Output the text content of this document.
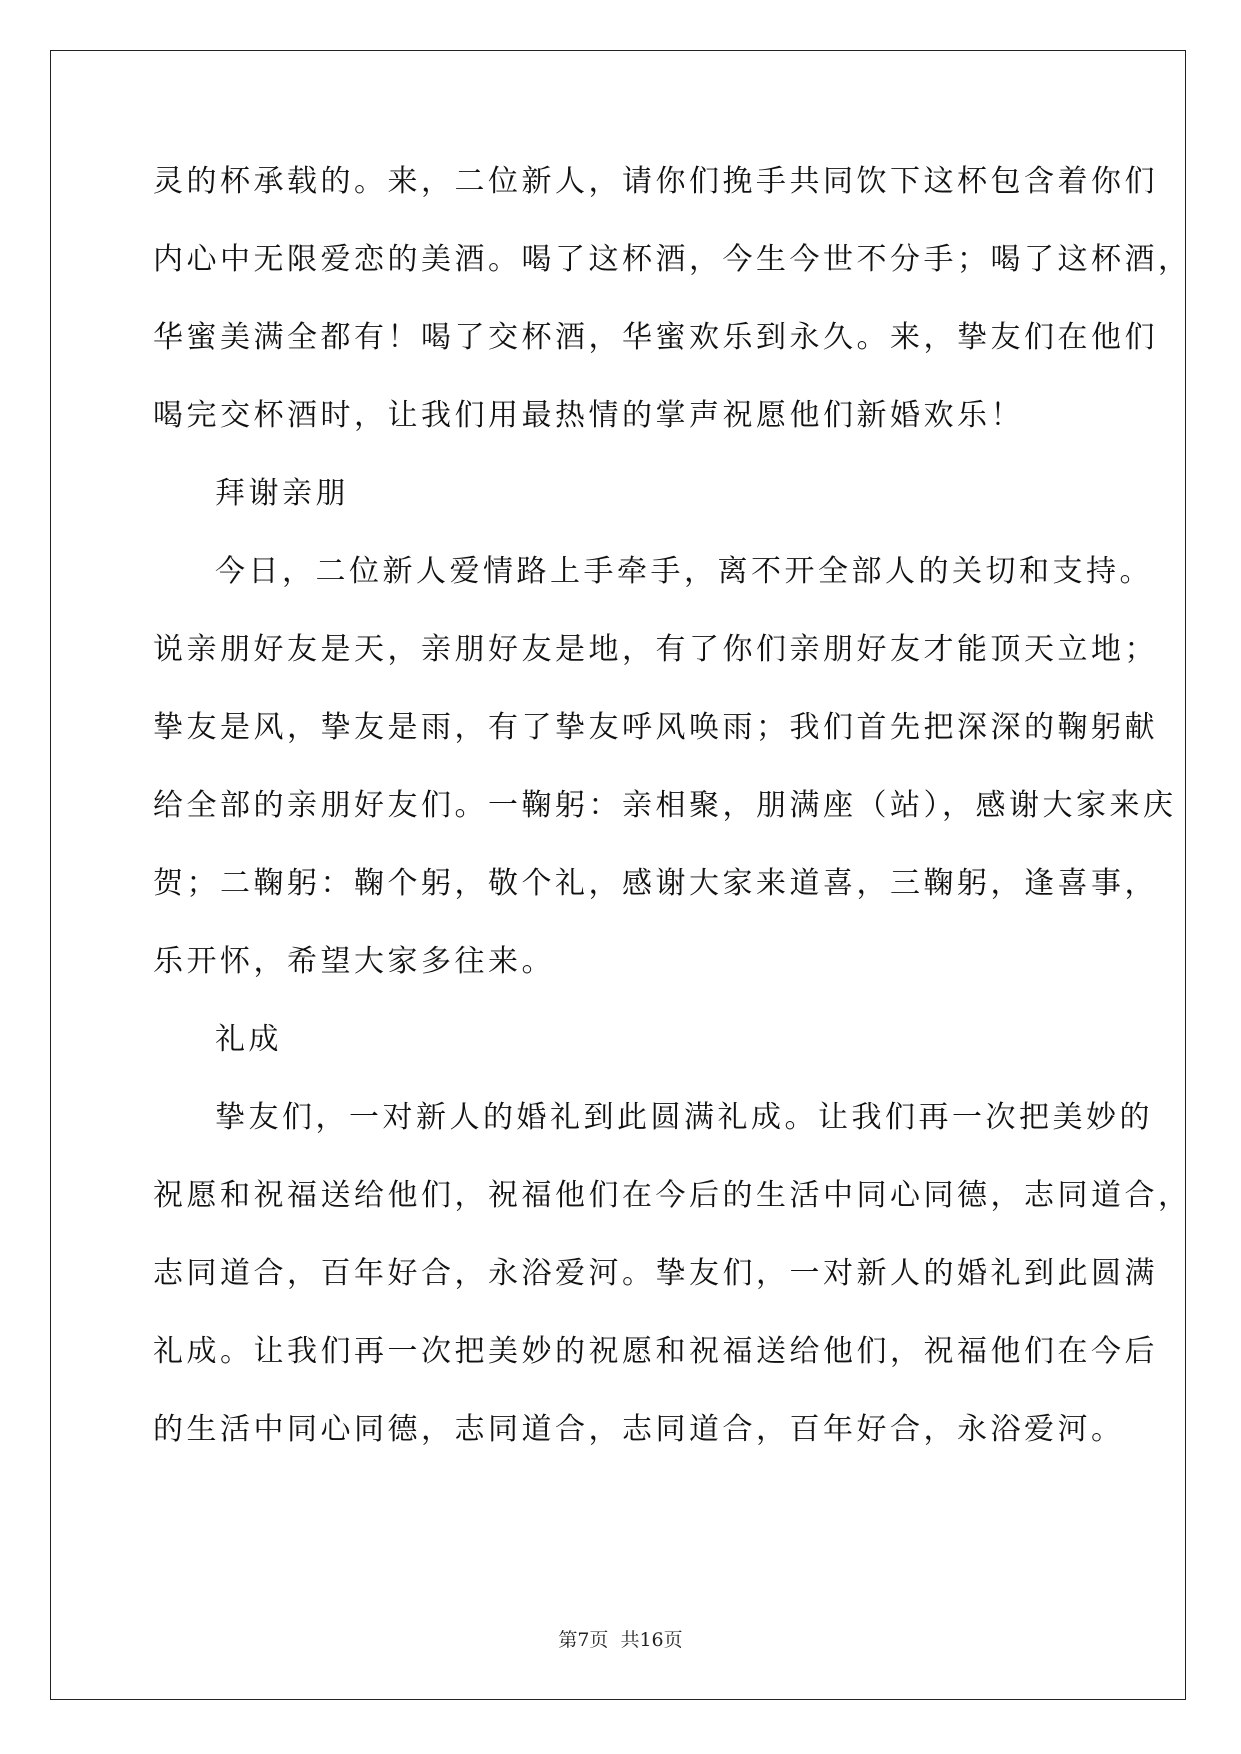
灵的杯承载的。来，二位新人，请你们挽手共同饮下这杯包含着你们
内心中无限爱恋的美酒。喝了这杯酒，今生今世不分手；喝了这杯酒，
华蜜美满全都有！喝了交杯酒，华蜜欢乐到永久。来，挚友们在他们
喝完交杯酒时，让我们用最热情的掌声祝愿他们新婚欢乐！
拜谢亲朋
今日，二位新人爱情路上手牵手，离不开全部人的关切和支持。
说亲朋好友是天，亲朋好友是地，有了你们亲朋好友才能顶天立地；
挚友是风，挚友是雨，有了挚友呼风唤雨；我们首先把深深的鞠躬献
给全部的亲朋好友们。一鞠躬：亲相聚，朋满座（站），感谢大家来庆
贺；二鞠躬：鞠个躬，敬个礼，感谢大家来道喜，三鞠躬，逢喜事，
乐开怀，希望大家多往来。
礼成
挚友们，一对新人的婚礼到此圆满礼成。让我们再一次把美妙的
祝愿和祝福送给他们，祝福他们在今后的生活中同心同德，志同道合，
志同道合，百年好合，永浴爱河。挚友们，一对新人的婚礼到此圆满
礼成。让我们再一次把美妙的祝愿和祝福送给他们，祝福他们在今后
的生活中同心同德，志同道合，志同道合，百年好合，永浴爱河。
第7页 共16页
